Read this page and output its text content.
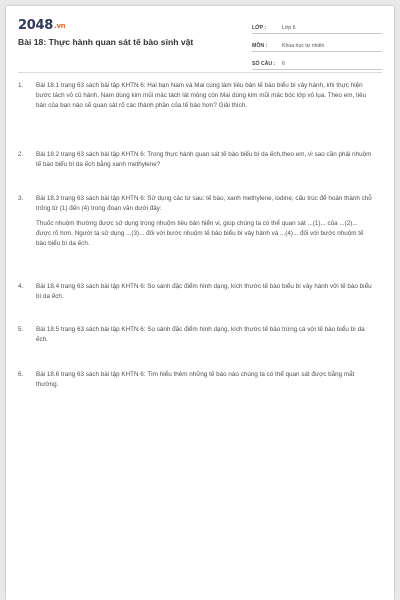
2048.vn
Bài 18: Thực hành quan sát tế bào sinh vật
LỚP :	Lớp 6
MÔN :	Khoa học tự nhiên
SỐ CÂU :	6
1.	Bài 18.1 trang 63 sách bài tập KHTN 6: Hai bạn Nam và Mai cùng làm tiêu bản tế bào biểu bì vảy hành, khi thực hiện bước tách vỏ củ hành, Nam dùng kim mũi mác tách lát mỏng còn Mai dùng kim mũi mác bóc lớp vỏ lụa. Theo em, tiêu bản của bạn nào sẽ quan sát rõ các thành phần của tế bào hơn? Giải thích.

2.	Bài 18.2 trang 63 sách bài tập KHTN 6: Trong thực hành quan sát tế bào biểu bì da ếch,theo em, vì sao cần phải nhuộm tế bào biểu bì da ếch bằng xanh methylene?

3.	Bài 18.3 trang 63 sách bài tập KHTN 6: Sử dụng các từ sau: tế bào, xanh methylene, iodine, cấu trúc để hoàn thành chỗ trống từ (1) đến (4) trong đoạn văn dưới đây:

Thuốc nhuộm thường được sử dụng trong nhuộm tiêu bản hiển vi, giúp chúng ta có thể quan sát ...(1)... của ...(2)... được rõ hơn. Người ta sử dụng ...(3)... đối với bước nhuộm tế bào biểu bì vảy hành và ...(4)... đối với bước nhuộm tế bào biểu bì da ếch.

4.	Bài 18.4 trang 63 sách bài tập KHTN 6: So sánh đặc điểm hình dạng, kích thước tế bào biểu bì vảy hành với tế bào biểu bì da ếch.

5.	Bài 18.5 trang 63 sách bài tập KHTN 6: So sánh đặc điểm hình dạng, kích thước tế bào trứng cá với tế bào biểu bì da ếch.

6.	Bài 18.6 trang 63 sách bài tập KHTN 6: Tìm hiểu thêm những tế bào nào chúng ta có thể quan sát được bằng mắt thường.
